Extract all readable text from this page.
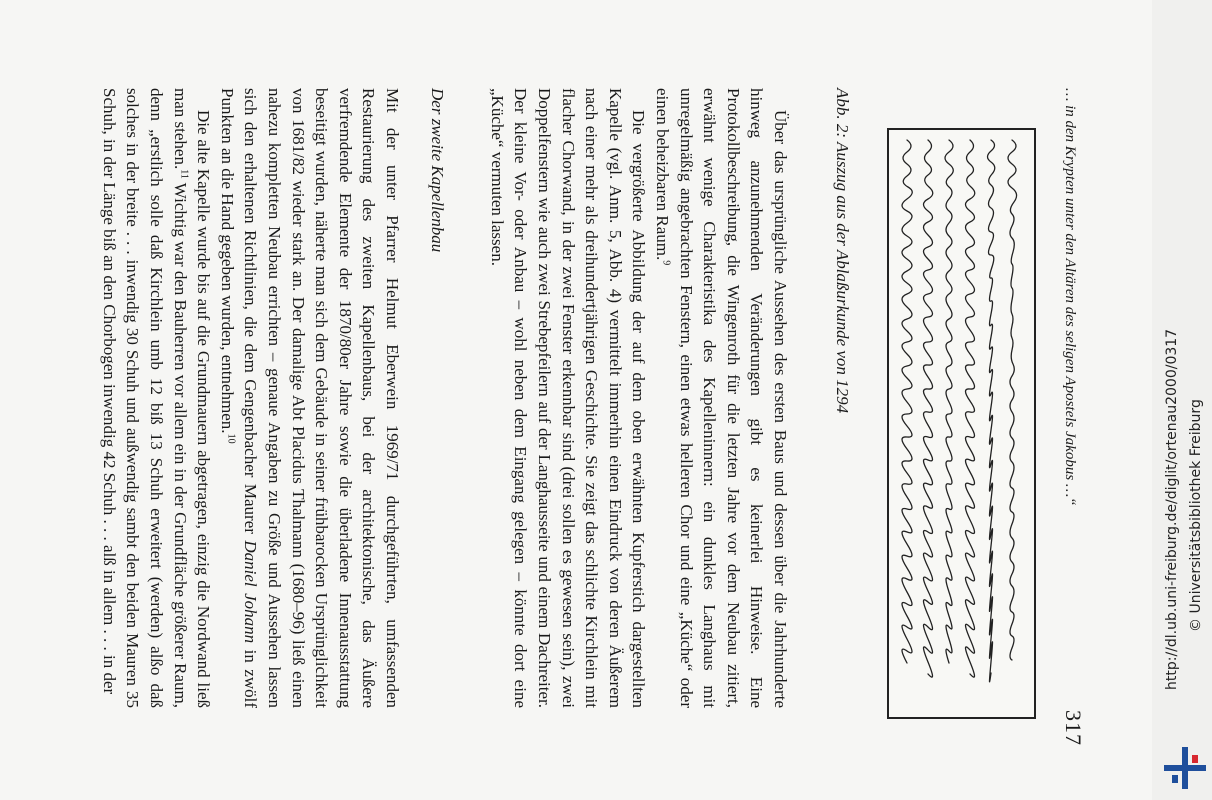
… in den Krypten unter den Altären des seligen Apostels Jakobus …“
317
Abb. 2: Auszug aus der Ablaßurkunde von 1294

Über das ursprüngliche Aussehen des ersten Baus und dessen über die Jahrhunderte hinweg anzunehmenden Veränderungen gibt es keinerlei Hinweise. Eine Protokollbeschreibung, die Wingenroth für die letzten Jahre vor dem Neubau zitiert, erwähnt wenige Charakteristika des Kapelleninnern: ein dunkles Langhaus mit unregelmäßig angebrachten Fenstern, einen etwas helleren Chor und eine „Küche“ oder einen beheizbaren Raum.$^9$

Die vergrößerte Abbildung der auf dem oben erwähnten Kupferstich dargestellten Kapelle (vgl. Anm. 5, Abb. 4) vermittelt immerhin einen Eindruck von deren Äußerem nach einer mehr als dreihundertjährigen Geschichte. Sie zeigt das schlichte Kirchlein mit flacher Chorwand, in der zwei Fenster erkennbar sind (drei sollen es gewesen sein), zwei Doppelfenstern wie auch zwei Strebepfeilern auf der Langhausseite und einem Dachreiter. Der kleine Vor- oder Anbau – wohl neben dem Eingang gelegen – könnte dort eine „Küche“ vermuten lassen.

Der zweite Kapellenbau

Mit der unter Pfarrer Helmut Eberwein 1969/71 durchgeführten, umfassenden Restaurierung des zweiten Kapellenbaus, bei der architektonische, das Äußere verfremdende Elemente der 1870/80er Jahre sowie die überladene Innenausstattung beseitigt wurden, näherte man sich dem Gebäude in seiner frühbarocken Ursprünglichkeit von 1681/82 wieder stark an. Der damalige Abt Placidus Thalmann (1680–96) ließ einen nahezu kompletten Neubau errichten – genaue Angaben zu Größe und Aussehen lassen sich den erhaltenen Richtlinien, die dem Gengenbacher Maurer Daniel Johann in zwölf Punkten an die Hand gegeben wurden, entnehmen.$^{10}$

Die alte Kapelle wurde bis auf die Grundmauern abgetragen, einzig die Nordwand ließ man stehen.$^{11}$ Wichtig war den Bauherren vor allem ein in der Grundfläche größerer Raum, denn „erstlich solle daß Kirchlein umb 12 biß 13 Schuh erweitert (werden) alßo daß solches in der breite . . . inwendig 30 Schuh und außwendig sambt den beiden Mauren 35 Schuh, in der Länge biß an den Chorbogen inwendig 42 Schuh . . . alß in allem . . . in der	http://dl.ub.uni-freiburg.de/diglit/ortenau2000/0317 © Universitätsbibliothek Freiburg
